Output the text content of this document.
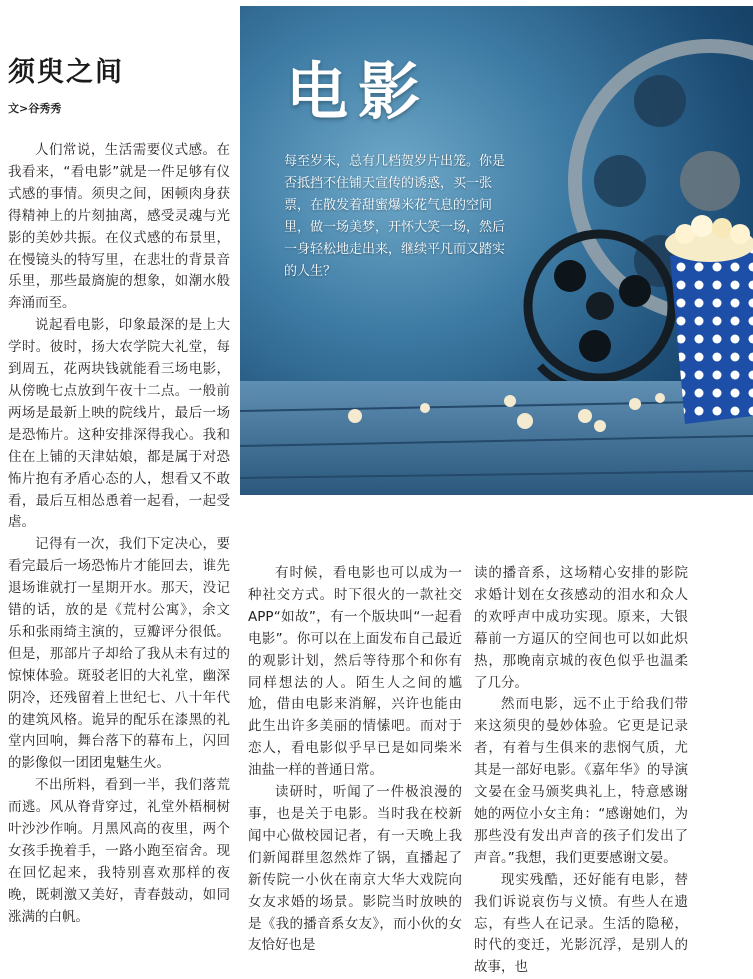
须臾之间
文>谷秀秀	电影
每至岁末，总有几档贺岁片出笼。你是否抵挡不住铺天宣传的诱惑，买一张票，在散发着甜蜜爆米花气息的空间里，做一场美梦，开怀大笑一场，然后一身轻松地走出来，继续平凡而又踏实的人生？

人们常说，生活需要仪式感。在我看来，“看电影”就是一件足够有仪式感的事情。须臾之间，困顿肉身获得精神上的片刻抽离，感受灵魂与光影的美妙共振。在仪式感的布景里，在慢镜头的特写里，在悲壮的背景音乐里，那些最旖旎的想象，如潮水般奔涌而至。

说起看电影，印象最深的是上大学时。彼时，扬大农学院大礼堂，每到周五，花两块钱就能看三场电影，从傍晚七点放到午夜十二点。一般前两场是最新上映的院线片，最后一场是恐怖片。这种安排深得我心。我和住在上铺的天津姑娘，都是属于对恐怖片抱有矛盾心态的人，想看又不敢看，最后互相怂恿着一起看，一起受虐。

记得有一次，我们下定决心，要看完最后一场恐怖片才能回去，谁先退场谁就打一星期开水。那天，没记错的话，放的是《荒村公寓》，余文乐和张雨绮主演的，豆瓣评分很低。但是，那部片子却给了我从未有过的惊悚体验。斑驳老旧的大礼堂，幽深阴冷，还残留着上世纪七、八十年代的建筑风格。诡异的配乐在漆黑的礼堂内回响，舞台落下的幕布上，闪回的影像似一团团鬼魅生火。

不出所料，看到一半，我们落荒而逃。风从脊背穿过，礼堂外梧桐树叶沙沙作响。月黑风高的夜里，两个女孩手挽着手，一路小跑至宿舍。现在回忆起来，我特别喜欢那样的夜晚，既刺激又美好，青春鼓动，如同涨满的白帆。

有时候，看电影也可以成为一种社交方式。时下很火的一款社交APP“如故”，有一个版块叫“一起看电影”。你可以在上面发布自己最近的观影计划，然后等待那个和你有同样想法的人。陌生人之间的尴尬，借由电影来消解，兴许也能由此生出许多美丽的情愫吧。而对于恋人，看电影似乎早已是如同柴米油盐一样的普通日常。

读研时，听闻了一件极浪漫的事，也是关于电影。当时我在校新闻中心做校园记者，有一天晚上我们新闻群里忽然炸了锅，直播起了新传院一小伙在南京大华大戏院向女友求婚的场景。影院当时放映的是《我的播音系女友》，而小伙的女友恰好也是

读的播音系，这场精心安排的影院求婚计划在女孩感动的泪水和众人的欢呼声中成功实现。原来，大银幕前一方逼仄的空间也可以如此炽热，那晚南京城的夜色似乎也温柔了几分。

然而电影，远不止于给我们带来这须臾的曼妙体验。它更是记录者，有着与生俱来的悲悯气质，尤其是一部好电影。《嘉年华》的导演文晏在金马颁奖典礼上，特意感谢她的两位小女主角：“感谢她们，为那些没有发出声音的孩子们发出了声音。”我想，我们更要感谢文晏。

现实残酷，还好能有电影，替我们诉说哀伤与义愤。有些人在遗忘，有些人在记录。生活的隐秘，时代的变迁，光影沉浮，是别人的故事，也
